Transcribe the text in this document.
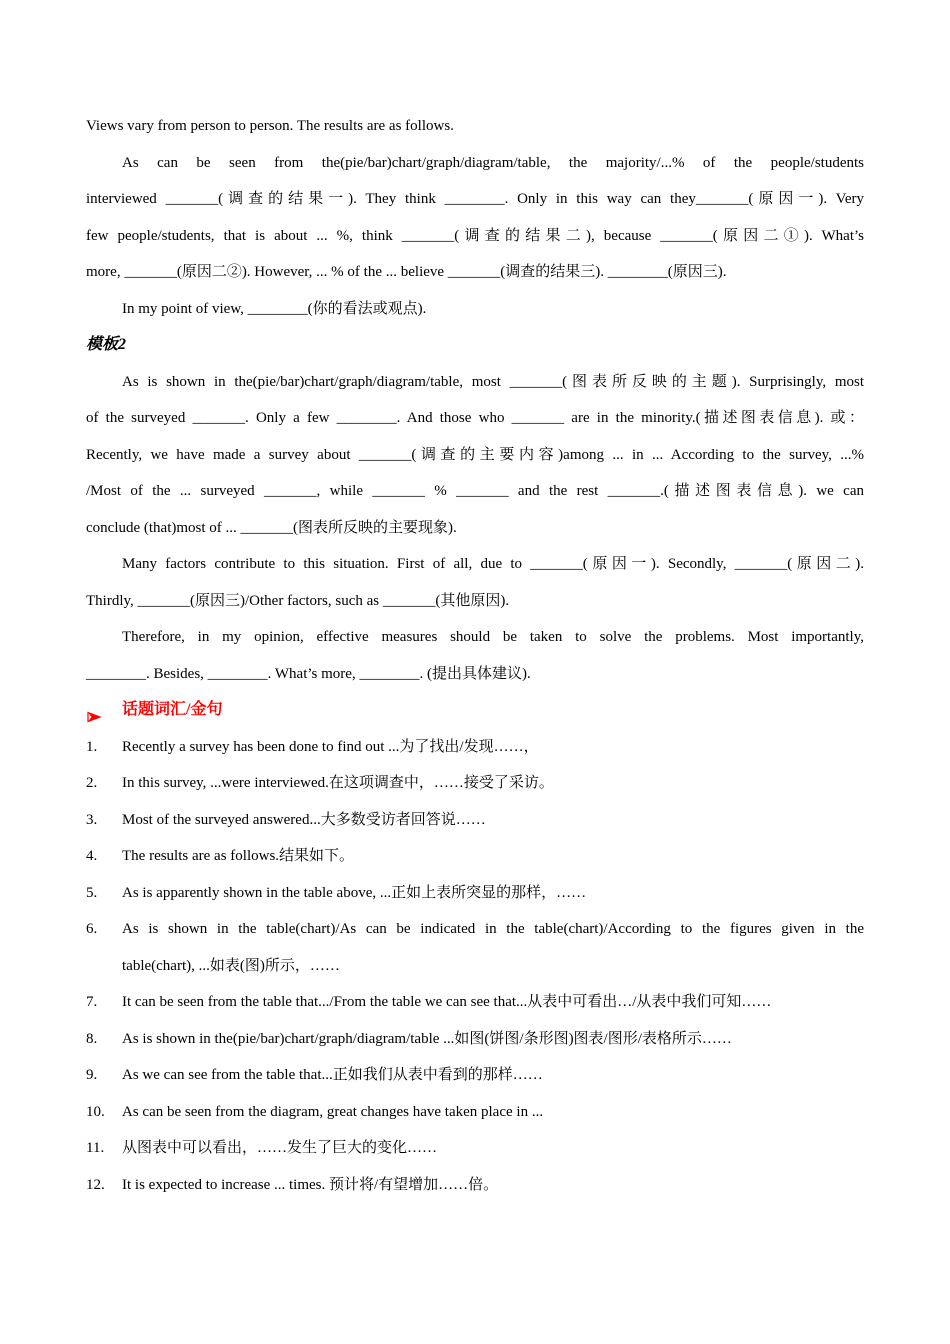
Views vary from person to person. The results are as follows.
As can be seen from the(pie/bar)chart/graph/diagram/table, the majority/...% of the people/students
interviewed _______(调查的结果一). They think ________. Only in this way can they_______(原因一). Very
few people/students, that is about ... %, think _______(调查的结果二), because _______(原因二①). What’s
more, _______(原因二②). However, ... % of the ... believe _______(调查的结果三). ________(原因三).
In my point of view, ________(你的看法或观点).
模板2
As is shown in the(pie/bar)chart/graph/diagram/table, most _______(图表所反映的主题). Surprisingly, most
of the surveyed _______. Only a few ________. And those who _______ are in the minority.(描述图表信息). 或：
Recently, we have made a survey about _______(调查的主要内容)among ... in ... According to the survey, ...%
/Most of the ... surveyed _______, while _______ % _______ and the rest _______.(描述图表信息). we can
conclude (that)most of ... _______(图表所反映的主要现象).
Many factors contribute to this situation. First of all, due to _______(原因一). Secondly, _______(原因二).
Thirdly, _______(原因三)/Other factors, such as _______(其他原因).
Therefore, in my opinion, effective measures should be taken to solve the problems. Most importantly,
________. Besides, ________. What’s more, ________. (提出具体建议).
话题词汇/金句
1. Recently a survey has been done to find out ...为了找出/发现……，
2. In this survey, ...were interviewed.在这项调查中，……接受了采访。
3. Most of the surveyed answered...大多数受访者回答说……
4. The results are as follows.结果如下。
5. As is apparently shown in the table above, ...正如上表所突显的那样，……
6. As is shown in the table(chart)/As can be indicated in the table(chart)/According to the figures given in the
table(chart), ...如表(图)所示，……
7. It can be seen from the table that.../From the table we can see that...从表中可看出…/从表中我们可知……
8. As is shown in the(pie/bar)chart/graph/diagram/table ...如图(饼图/条形图)图表/图形/表格所示……
9. As we can see from the table that...正如我们从表中看到的那样……
10. As can be seen from the diagram, great changes have taken place in ...
11. 从图表中可以看出，……发生了巨大的变化……
12. It is expected to increase ... times. 预计将/有望增加……倍。
